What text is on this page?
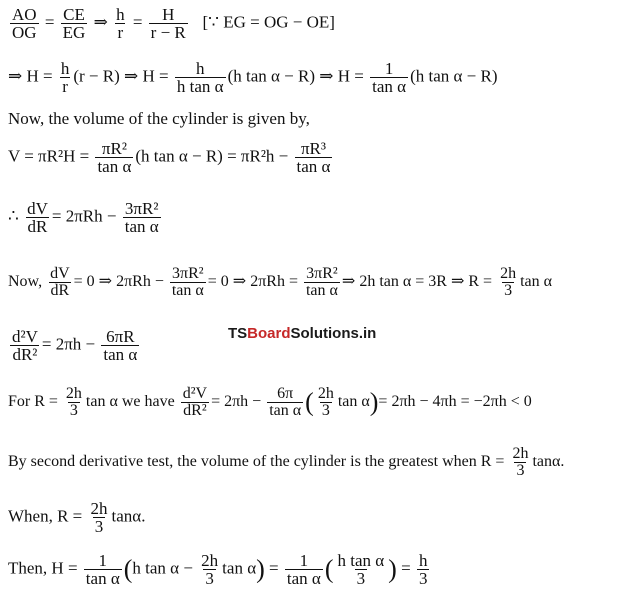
$\frac{AO}{OG} = \frac{CE}{EG}$ ⇒ $\frac{h}{r} = \frac{H}{r - R}$ [∵ EG = OG − OE]
⇒ $H = \frac{h}{r} (r - R)$ ⇒ $H = \frac{h}{\text{h tan α}} (h$ tan α − R) ⇒ $H = \frac{1}{\text{tan α}} (h$ tan α − R)
Now, the volume of the cylinder is given by,
$V = \pi R^2H = \frac{\text{πR²}}{\text{tan α}} (h$ $\tan \alpha - R) = \pi R^2h - \frac{\text{πR³}}{\text{tan α}}$
∴ $\frac{dV}{dR} = 2\pi Rh - \frac{\text{3πR²}}{\text{tan α}}$
Now, $\frac{dV}{dR} = 0$ ⇒ $2\pi Rh - \frac{\text{3πR²}}{\text{tan α}} = 0$ ⇒ $2\pi Rh = \frac{\text{3πR²}}{\text{tan α}}$ ⇒ 2h tan α = 3R ⇒ $R = \frac{2h}{3}$ tan α
TSBoardSolutions.in
$\frac{\text{d²V}}{\text{dR²}} = 2\pi h - \frac{6\pi R}{\text{tan α}}$
For $R = \frac{2h}{3}$ tan α we have $\frac{\text{d²V}}{\text{dR²}} = 2\pi h - \frac{6\pi}{\text{tan α}}$ ( $\frac{2h}{3}$ tan α)= 2πh − 4πh = −2πh < 0
By second derivative test, the volume of the cylinder is the greatest when $R = \frac{2h}{3} \tan\alpha$.
When, $R = \frac{2h}{3} \tan\alpha$.
Then, $H = \frac{1}{\text{tan α}} (h$ $\tan \alpha - \frac{2h}{3}$ $\tan \alpha) = \frac{1}{\text{tan α}}$ ( $\frac{\text{h tan α}}{3}$ ) = $\frac{h}{3}$
